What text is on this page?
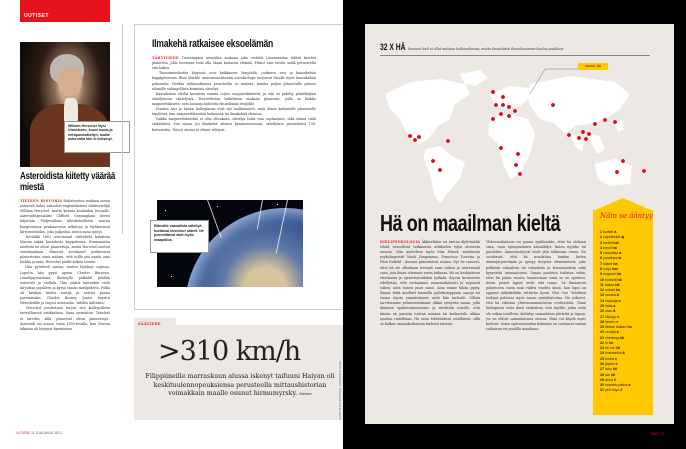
UUTISET
William Herschel löysi Uranuksen, kuusi kuuta ja infrapunasäteilyn, mutta asteroidia hän ei keksinyt.
Asteroidista kiitetty väärää miestä
TIETEEN HISTORIA Hakuteosten mukaan sanan asteroidi keksi saksalais-englantilainen tähtitieteilijä William Herschel, mutta kunnia kuuluukin toisaalle. Asteroidispesialisti Clifford Cunningham kertoi hiljattain Yhdysvaltain tähtitieteellisen seuran kongressissa penkoneensa arkistoja ja löytäneensä kirjeenvaihdon, joka paljastaa, miten sana syntyi.
Keväällä 1802 astronomit väittelivät kahdesta Marsin takaa havaitusta kappaleesta. Enemmistön mielestä ne olivat planeettoja, mutta Herschel asettui vastahankaan. Hänestä autokaiset poikkesivat planeetoista siinä määrin, että niille piti saada oma luokka ja nimi. Herschel päätti keksiä termin.
Hän pyöritteli sanoja, muttei löytänyt sopivaa. Lopulta hän pyysi apuun Charles Burneyn, runoilijaystävänsä. Burneylle pälkähti päähän asteroidi ja stellula. Hän päätti kuitenkin vielä kirjoittaa pojalleen ja kysyä tämän mielipidettä. Poika oli kreikan kielen tuntija ja saattoi panna paremmaksi. Charles Burney Junior kirjoitti Herschelille ja tarjosi asteroidia, 'tähden kaltaista'.
Herschel puolestaan tarjosi sitä kollegoilleen tieteellisessä artikkelissa. Sana tyrmättiin. Tekeletä ei tarvittu, sillä 'planeetat olivat planeettoja'. Asteroidi sai armon vasta 1850-luvulla, kun Marsin takaisia oli löytynyt kymmenen.
Ilmakehä ratkaisee eksoelämän
TÄHTITIEDE Tuoreimpien arvioiden mukaan joka viidettä Linnunradan tähteä kiertää planeetta, jolla teoriassa voisi olla Maan kaltaista elämää. Pitäisi vain tietää, millä perusteella sitä hakea.
Tunnusmerkistön kärjessä ovat krikkaneet lämpötila, juokseva vesi ja kaasukehän happipitoisuus. Blue Marble -avaruusinstituutin astrobiologit tarjoavat listalle myös kaasukehän paksuutta. Heidän tutkimuksensa perusteella se määrää, kuinka paljon planeetalle pääsee elämälle vahingollista kosmista säteilyä.
Kaasukehän ohella kosmista vaaraa torjuu magneettikenttä, ja sitä on pidetty pääteköjänä säteilytason säätelyssä. Teoreettisten laskelmien mukaan planeetat, joilla on heikko magneettikenttä, ovat huonoja kohteita eksoelämän etsijöille.
Dimitra Atri ja hänen kolleganssa ovat nyt mallintaneet, mitä Maan kaltaiselle planeetalle tapahtuu, kun magneettikenttää heikentää tai ilmakehää ohentaa.
Vaikka magneettikenttää ei olisi ollenkaan, säteilyä tulisi vain tuplaannos, eikä elämä vielä säikähtäisi. Sen sijaan jos ilmakehä ohenisi kymmenesosaan, säteilytaso ponnahtaisi 130-kertaiseksi. Niissä oloissa ei elämä viihtyisi.
Elämälle vaarallista säteilyä tuottavat kosmiset säteet. Ne pommittavat alati myös maapalloa.
SÄÄTIEDE
>310 km/h
Filippiineille marraskuun alussa iskenyt taifuuni Haiyan oli keskituulennopeuksiensa perusteella mittaushistorian voimakkain maalle osunut hirmumyrsky. Nature
14 TIEDE 11 JOULUKUU 2013
KUVAT SHUTTERSTOCK, ALAMY/NTB, NASA
32 X HÄ Suomen kieli ei ollut mukana tutkimuksessa, mutta ilmiselvästi ilmaukseemme kuuluu joukkoon.
suomi: hä
Hä on maailman kieltä
KIELIPSYKOLOGIA Äkkiseltään voi tuntua älyttömältä tehdä tieteellistä tutkimusta arkikielen tylyn oloisesta tavasta. Niin ajattelivat myös Max Planck -instituutin psykolingvistit Mark Dingemans, Francisco Torreira ja Nick Enfield – kunnes paneutuivat asiaan. Nyt he sanovat, ettei hä ole ollenkaan triviaali vaan tärkeä ja universaali sana, jota ilman olisimme usein hukassa. Hä on keskinäisen viestinnän ja ajatustenvaihdon työkalu. Sujuva keskustelu edellyttää, että vastaamme asianmukaisesti ja nopeasti siihen, mitä toinen juuri sanoi. Aina emme tähän pysty. Emme ehkä kuulleet kunnolla puhekumppanin sanoja tai emme täysin ymmärtäneet, mitä hän tarkoitti. Silloin tarvitsemme pelastusrenkaan: äkkiä syntyvän sanan, jolla ilmaisee epätietoisuutemme ja viestittää toiselle, että tämän on parasta toistaa asiansa tai keskustelu uhkaa ajautua raiteiltaan. Hä istuu tehtäväänsä oivallisesti, sillä se kulkee samankaltaisena kielestä toiseen.
Yhdenmukaisuus voi panna epäilemään, ettei hä olekaan sana, vaan synnynnäinen äännähdys, kuten nyyhke tai parahdus. Äänneanalyysit eivät jätä tulkinnan varaa. Ne osoittavat, että hä noudattaa kunkin kielen äännejärjestelmää ja syntyy tietyistä elementeistä: joko pelkästä vokaalista tai vokaalista ja konsonantista sekä kysyvästä intonaatiosta. Sanan puolesta todistaa sekin, ettei hä pääse suusta luonnostaan vaan se on opittava. Aivan pienet lapset eivät sitä tunne. Se ilmaantuu puheeseen vasta noin viiden vuoden iässä, kun lapsi on oppinut äidinkielään riittävän hyvin. Plos One -lehdessä tutkijat pohtivat myös sanan syntyhistoriaa. He uskovat, että hä edustaa yhteensuuntautuvaa evoluutiota. Tämä biologiasta tuttu ilmiö tarkoittaa, että lajeille, jotka eivät ole sukua toisilleen, kehittyy samanlaisia piirteitä ja tapoja, jos ne elävät samanlaisissa oloissa. Näin voi käydä myös kielissä. Sama epävarmuuden kokemus on tuottanut saman ratkaisun eri puolilla maailmaa.
Näin se ääntyy
1 tsotsih a
2 zapoteekki aj
3 tseltal hai
4 kreoli ha
5 cha'palaa a
6 yaraikani ai
7 islanti ha
8 norja hae
9 englanti hä
10 hollanti hä
11 saksa hä
12 unkari ha
13 ranska ä
14 espanja e
15 italia a
16 siwu ã
17 kilongo e
18 herero e
19 ākhoe hailom ha
20 venäjä a
21 chintang hã
22 lri ha
23 tai lue hã
24 mandariini ã
25 korea e
26 japani e
27 lahu hã
28 lao hã
29 duna ẽ
30 murrinh-patha a
31 yélî dnye ẽ
TIEDE 11
